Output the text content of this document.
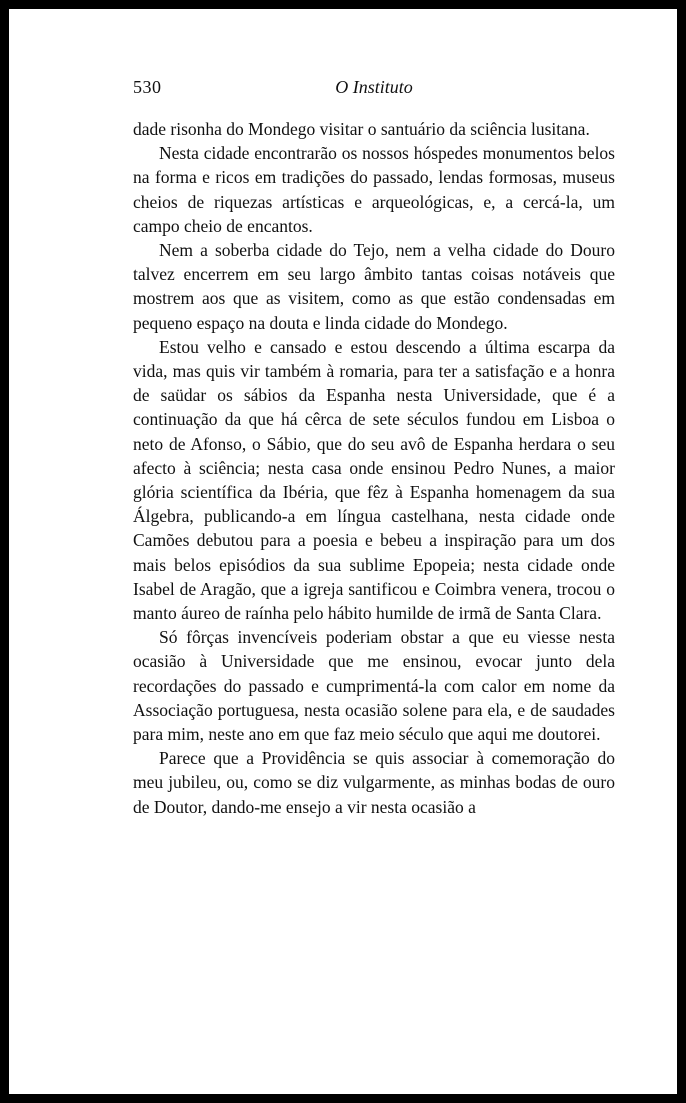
530	O Instituto

dade risonha do Mondego visitar o santuário da sciência lusitana.

Nesta cidade encontrarão os nossos hóspedes monumentos belos na forma e ricos em tradições do passado, lendas formosas, museus cheios de riquezas artísticas e arqueológicas, e, a cercá-la, um campo cheio de encantos.

Nem a soberba cidade do Tejo, nem a velha cidade do Douro talvez encerrem em seu largo âmbito tantas coisas notáveis que mostrem aos que as visitem, como as que estão condensadas em pequeno espaço na douta e linda cidade do Mondego.

Estou velho e cansado e estou descendo a última escarpa da vida, mas quis vir também à romaria, para ter a satisfação e a honra de saüdar os sábios da Espanha nesta Universidade, que é a continuação da que há cêrca de sete séculos fundou em Lisboa o neto de Afonso, o Sábio, que do seu avô de Espanha herdara o seu afecto à sciência; nesta casa onde ensinou Pedro Nunes, a maior glória scientífica da Ibéria, que fêz à Espanha homenagem da sua Álgebra, publicando-a em língua castelhana, nesta cidade onde Camões debutou para a poesia e bebeu a inspiração para um dos mais belos episódios da sua sublime Epopeia; nesta cidade onde Isabel de Aragão, que a igreja santificou e Coimbra venera, trocou o manto áureo de raínha pelo hábito humilde de irmã de Santa Clara.

Só fôrças invencíveis poderiam obstar a que eu viesse nesta ocasião à Universidade que me ensinou, evocar junto dela recordações do passado e cumprimentá-la com calor em nome da Associação portuguesa, nesta ocasião solene para ela, e de saudades para mim, neste ano em que faz meio século que aqui me doutorei.

Parece que a Providência se quis associar à comemoração do meu jubileu, ou, como se diz vulgarmente, as minhas bodas de ouro de Doutor, dando-me ensejo a vir nesta ocasião a
